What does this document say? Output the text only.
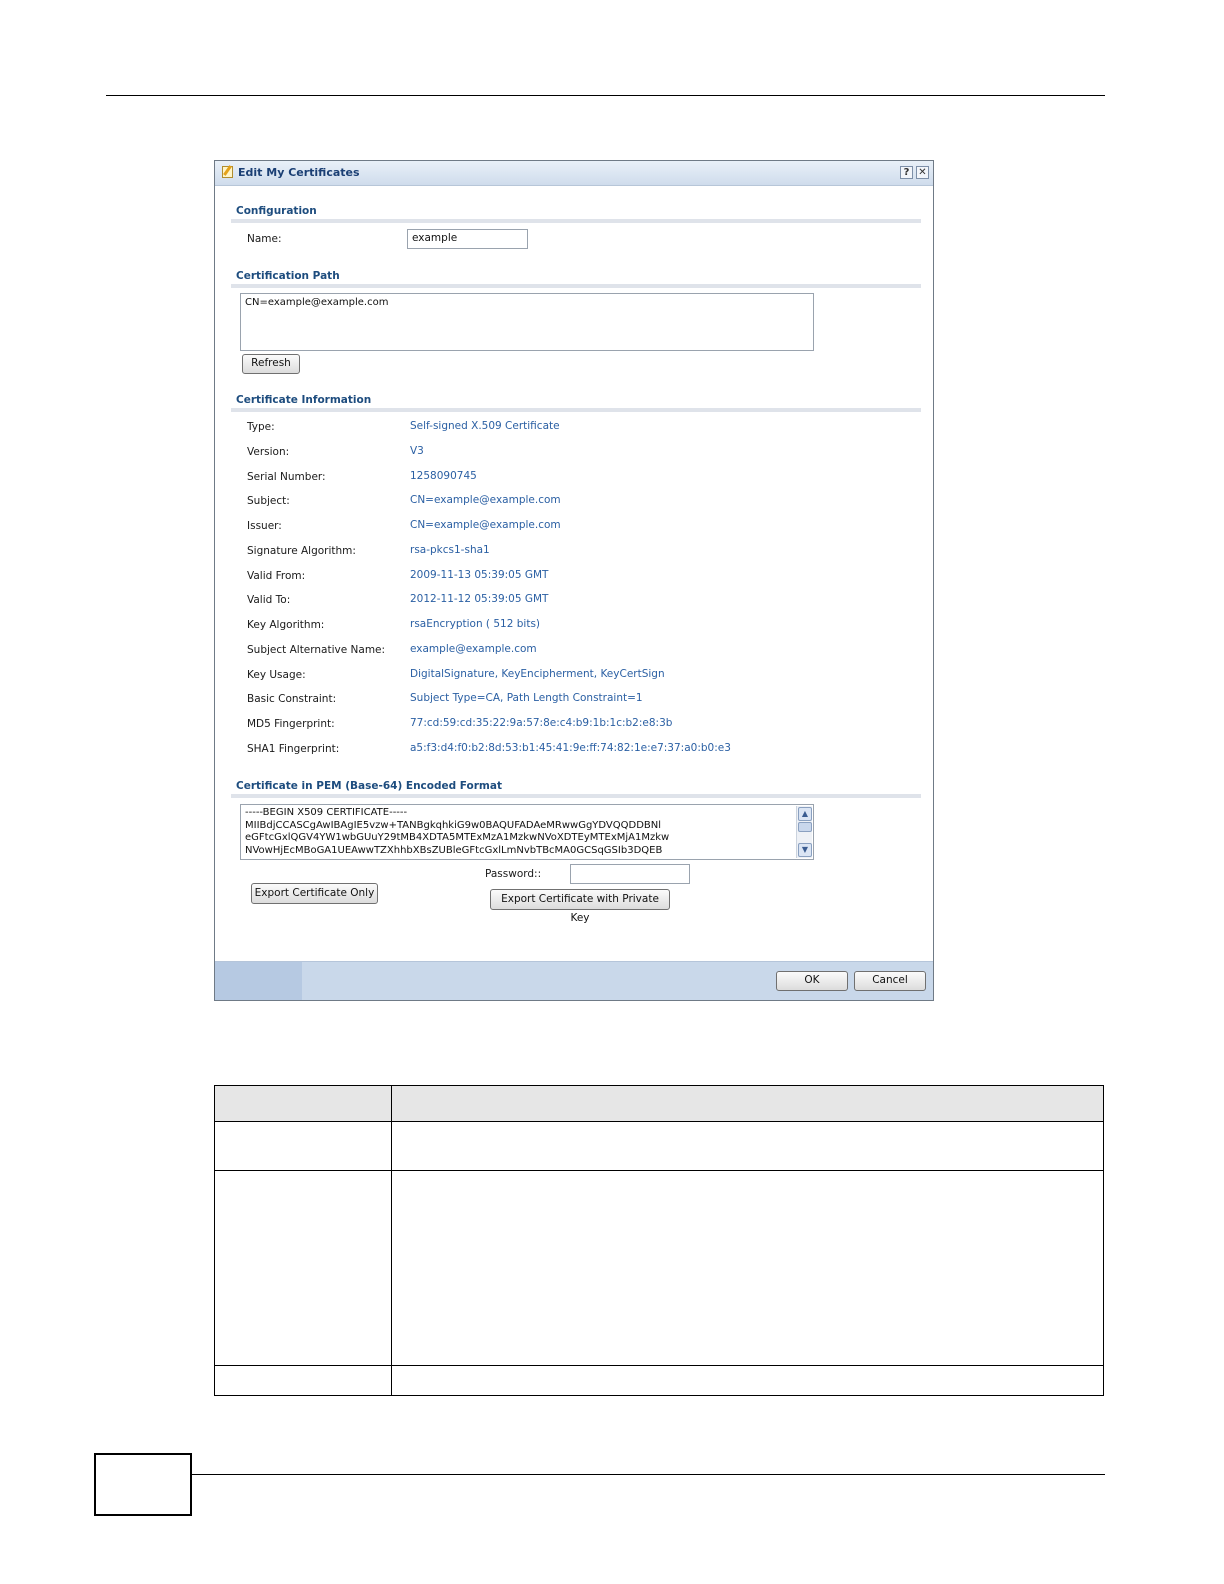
Edit My Certificates	? ✕
Configuration
Name:	example
Certification Path
CN=example@example.com
Refresh
Certificate Information
Type:	Self-signed X.509 Certificate
Version:	V3
Serial Number:	1258090745
Subject:	CN=example@example.com
Issuer:	CN=example@example.com
Signature Algorithm:	rsa-pkcs1-sha1
Valid From:	2009-11-13 05:39:05 GMT
Valid To:	2012-11-12 05:39:05 GMT
Key Algorithm:	rsaEncryption ( 512 bits)
Subject Alternative Name: example@example.com
Key Usage:	DigitalSignature, KeyEncipherment, KeyCertSign
Basic Constraint:	Subject Type=CA, Path Length Constraint=1
MD5 Fingerprint:	77:cd:59:cd:35:22:9a:57:8e:c4:b9:1b:1c:b2:e8:3b
SHA1 Fingerprint:	a5:f3:d4:f0:b2:8d:53:b1:45:41:9e:ff:74:82:1e:e7:37:a0:b0:e3
Certificate in PEM (Base-64) Encoded Format
-----BEGIN X509 CERTIFICATE-----
MIIBdjCCASCgAwIBAgIE5vzw+TANBgkqhkiG9w0BAQUFADAeMRwwGgYDVQQDDBNl
eGFtcGxlQGV4YW1wbGUuY29tMB4XDTA5MTExMzA1MzkwNVoXDTEyMTExMjA1Mzkw
NVowHjEcMBoGA1UEAwwTZXhhbXBsZUBleGFtcGxlLmNvbTBcMA0GCSqGSIb3DQEB
▲
▼
Password::
Export Certificate Only	Export Certificate with Private Key
OK	Cancel
